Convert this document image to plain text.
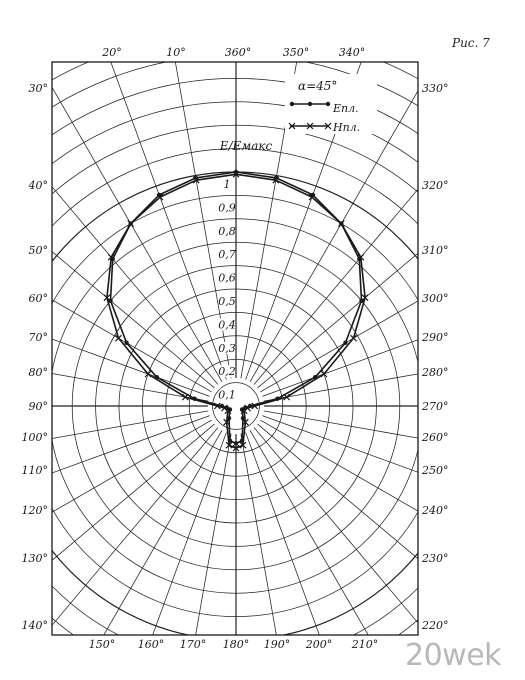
0,1
0,2
0,3
0,4
0,5
0,6
0,7
0,8
0,9
1
E/Eмакс
20°	10°	360°	350°	340°
150° 160° 170° 180° 190° 200° 210°
30°
40°
50°
60°
70°
80°
90°
100°
110°
120°
130°
140°
330°
320°
310°
300°
290°
280°
270°
260°
250°
240°
230°
220°
α=45°
Eпл.
Hпл.
Рис. 7
20wek
